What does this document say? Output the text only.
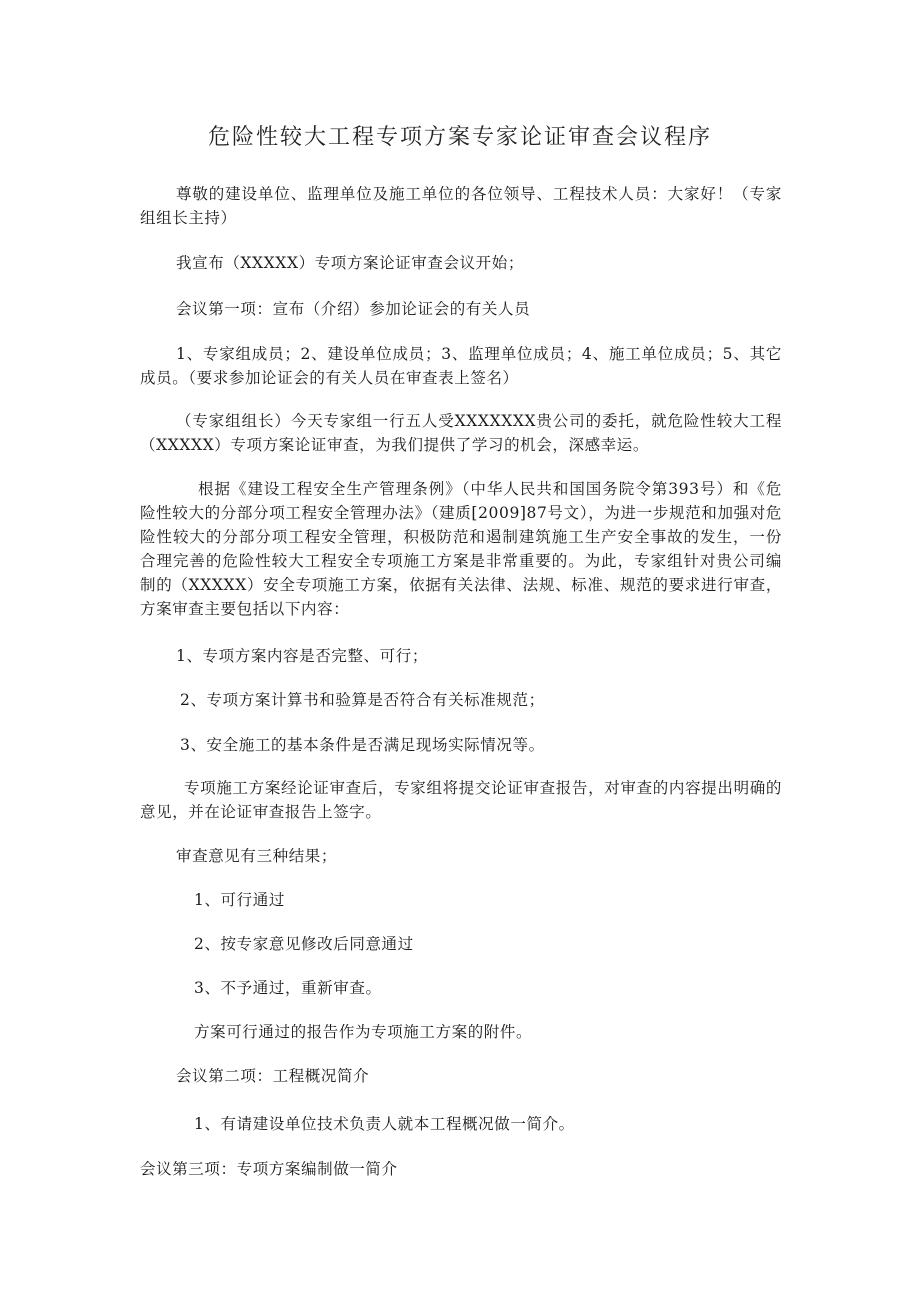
危险性较大工程专项方案专家论证审查会议程序

尊敬的建设单位、监理单位及施工单位的各位领导、工程技术人员：大家好！（专家组组长主持）

我宣布（XXXXX）专项方案论证审查会议开始；

会议第一项：宣布（介绍）参加论证会的有关人员

1、专家组成员；2、建设单位成员；3、监理单位成员；4、施工单位成员；5、其它成员。（要求参加论证会的有关人员在审查表上签名）

（专家组组长）今天专家组一行五人受XXXXXXX贵公司的委托，就危险性较大工程（XXXXX）专项方案论证审查，为我们提供了学习的机会，深感幸运。

根据《建设工程安全生产管理条例》（中华人民共和国国务院令第393号）和《危险性较大的分部分项工程安全管理办法》（建质[2009]87号文），为进一步规范和加强对危险性较大的分部分项工程安全管理，积极防范和遏制建筑施工生产安全事故的发生，一份合理完善的危险性较大工程安全专项施工方案是非常重要的。为此，专家组针对贵公司编制的（XXXXX）安全专项施工方案，依据有关法律、法规、标准、规范的要求进行审查，方案审查主要包括以下内容：

1、专项方案内容是否完整、可行；

2、专项方案计算书和验算是否符合有关标准规范；

3、安全施工的基本条件是否满足现场实际情况等。

专项施工方案经论证审查后，专家组将提交论证审查报告，对审查的内容提出明确的意见，并在论证审查报告上签字。

审查意见有三种结果；

1、可行通过

2、按专家意见修改后同意通过

3、不予通过，重新审查。

方案可行通过的报告作为专项施工方案的附件。

会议第二项：工程概况简介

1、有请建设单位技术负责人就本工程概况做一简介。

会议第三项：专项方案编制做一简介
